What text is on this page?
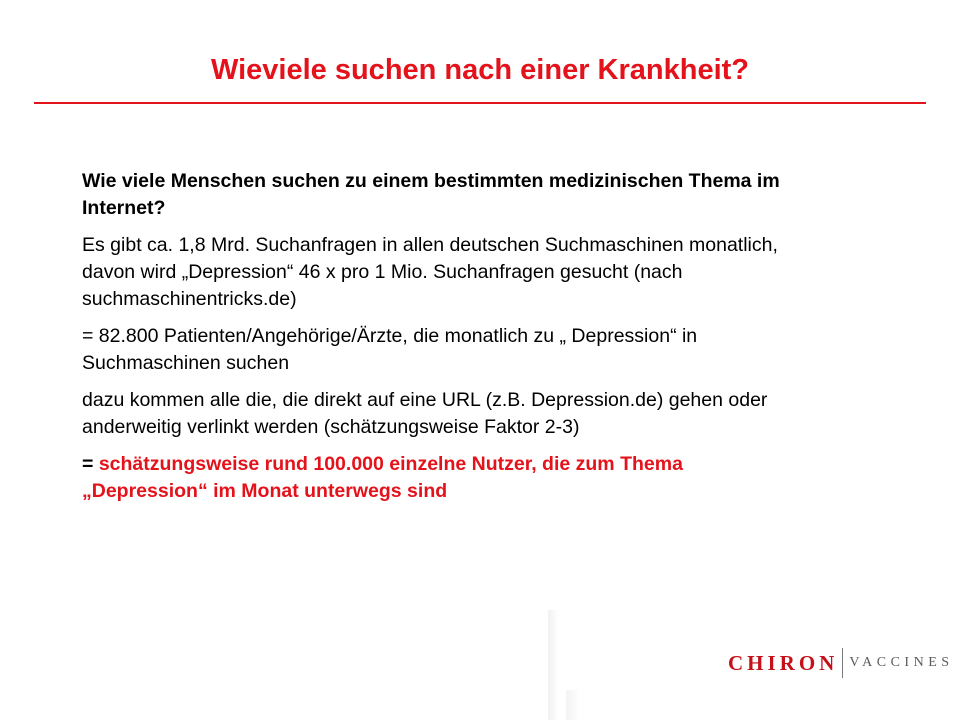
Wieviele suchen nach einer Krankheit?

Wie viele Menschen suchen zu einem bestimmten medizinischen Thema im Internet?

Es gibt ca. 1,8 Mrd. Suchanfragen in allen deutschen Suchmaschinen monatlich, davon wird „Depression“ 46 x pro 1 Mio. Suchanfragen gesucht (nach suchmaschinentricks.de)

= 82.800 Patienten/Angehörige/Ärzte, die monatlich zu „ Depression“ in Suchmaschinen suchen

dazu kommen alle die, die direkt auf eine URL (z.B. Depression.de) gehen oder anderweitig verlinkt werden (schätzungsweise Faktor 2-3)

= schätzungsweise rund 100.000 einzelne Nutzer, die zum Thema „Depression“ im Monat unterwegs sind

CHIRON VACCINES
